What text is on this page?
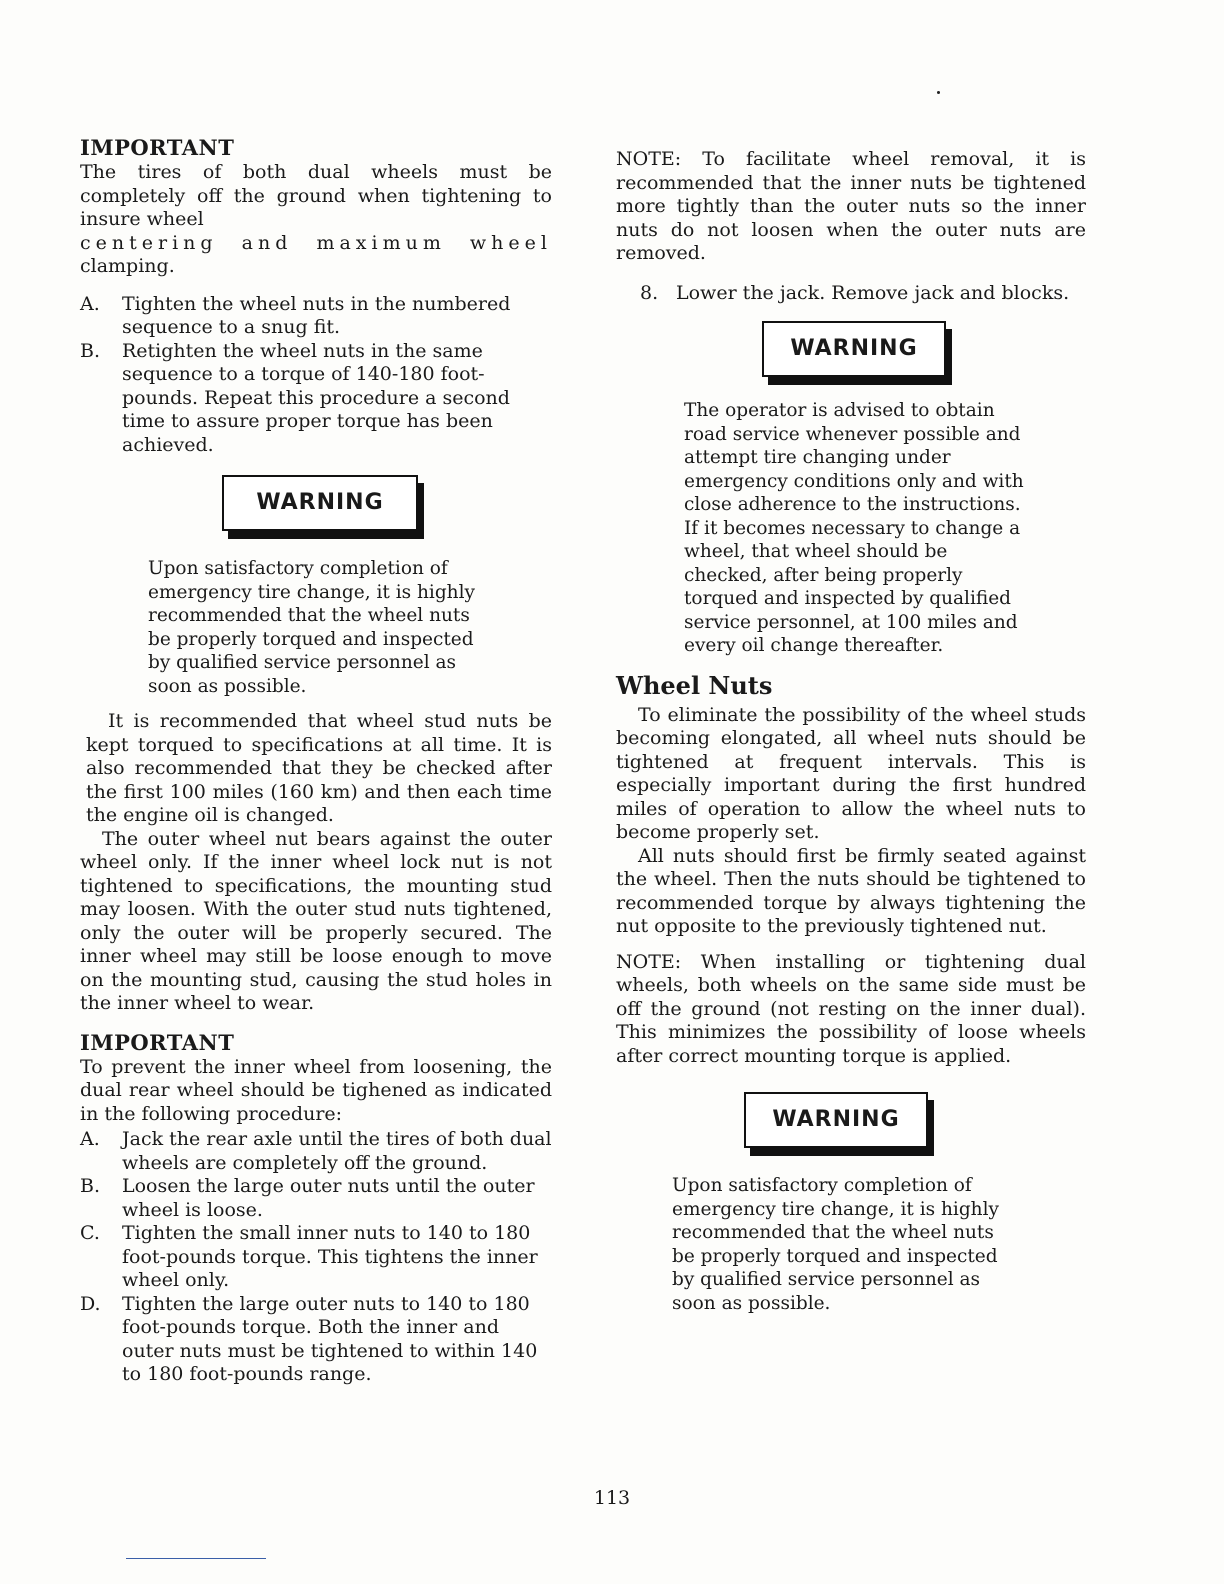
IMPORTANT

The tires of both dual wheels must be completely off the ground when tightening to insure wheel

centering and maximum wheel

clamping.

A.	Tighten the wheel nuts in the numbered sequence to a snug fit.
B.	Retighten the wheel nuts in the same sequence to a torque of 140-180 foot-pounds. Repeat this procedure a second time to assure proper torque has been achieved.
WARNING

Upon satisfactory completion of emergency tire change, it is highly recommended that the wheel nuts be properly torqued and inspected by qualified service personnel as soon as possible.

It is recommended that wheel stud nuts be kept torqued to specifications at all time. It is also recommended that they be checked after the first 100 miles (160 km) and then each time the engine oil is changed.

The outer wheel nut bears against the outer wheel only. If the inner wheel lock nut is not tightened to specifications, the mounting stud may loosen. With the outer stud nuts tightened, only the outer will be properly secured. The inner wheel may still be loose enough to move on the mounting stud, causing the stud holes in the inner wheel to wear.

IMPORTANT

To prevent the inner wheel from loosening, the dual rear wheel should be tighened as indicated in the following procedure:

A.	Jack the rear axle until the tires of both dual wheels are completely off the ground.
B.	Loosen the large outer nuts until the outer wheel is loose.
C.	Tighten the small inner nuts to 140 to 180 foot-pounds torque. This tightens the inner wheel only.
D.	Tighten the large outer nuts to 140 to 180 foot-pounds torque. Both the inner and outer nuts must be tightened to within 140 to 180 foot-pounds range.

NOTE: To facilitate wheel removal, it is recommended that the inner nuts be tightened more tightly than the outer nuts so the inner nuts do not loosen when the outer nuts are removed.

8. Lower the jack. Remove jack and blocks.
WARNING

The operator is advised to obtain road service whenever possible and attempt tire changing under emergency conditions only and with close adherence to the instructions. If it becomes necessary to change a wheel, that wheel should be checked, after being properly torqued and inspected by qualified service personnel, at 100 miles and every oil change thereafter.

Wheel Nuts

To eliminate the possibility of the wheel studs becoming elongated, all wheel nuts should be tightened at frequent intervals. This is especially important during the first hundred miles of operation to allow the wheel nuts to become properly set.

All nuts should first be firmly seated against the wheel. Then the nuts should be tightened to recommended torque by always tightening the nut opposite to the previously tightened nut.

NOTE: When installing or tightening dual wheels, both wheels on the same side must be off the ground (not resting on the inner dual). This minimizes the possibility of loose wheels after correct mounting torque is applied.

WARNING

Upon satisfactory completion of emergency tire change, it is highly recommended that the wheel nuts be properly torqued and inspected by qualified service personnel as soon as possible.

113
